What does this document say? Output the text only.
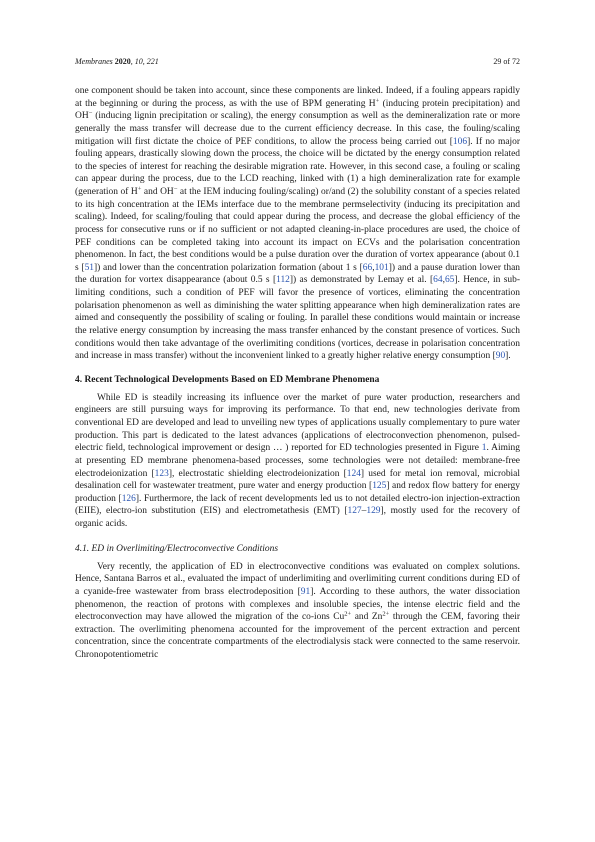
Membranes 2020, 10, 221	29 of 72

one component should be taken into account, since these components are linked. Indeed, if a fouling appears rapidly at the beginning or during the process, as with the use of BPM generating H+ (inducing protein precipitation) and OH− (inducing lignin precipitation or scaling), the energy consumption as well as the demineralization rate or more generally the mass transfer will decrease due to the current efficiency decrease. In this case, the fouling/scaling mitigation will first dictate the choice of PEF conditions, to allow the process being carried out [106]. If no major fouling appears, drastically slowing down the process, the choice will be dictated by the energy consumption related to the species of interest for reaching the desirable migration rate. However, in this second case, a fouling or scaling can appear during the process, due to the LCD reaching, linked with (1) a high demineralization rate for example (generation of H+ and OH− at the IEM inducing fouling/scaling) or/and (2) the solubility constant of a species related to its high concentration at the IEMs interface due to the membrane permselectivity (inducing its precipitation and scaling). Indeed, for scaling/fouling that could appear during the process, and decrease the global efficiency of the process for consecutive runs or if no sufficient or not adapted cleaning-in-place procedures are used, the choice of PEF conditions can be completed taking into account its impact on ECVs and the polarisation concentration phenomenon. In fact, the best conditions would be a pulse duration over the duration of vortex appearance (about 0.1 s [51]) and lower than the concentration polarization formation (about 1 s [66,101]) and a pause duration lower than the duration for vortex disappearance (about 0.5 s [112]) as demonstrated by Lemay et al. [64,65]. Hence, in sub-limiting conditions, such a condition of PEF will favor the presence of vortices, eliminating the concentration polarisation phenomenon as well as diminishing the water splitting appearance when high demineralization rates are aimed and consequently the possibility of scaling or fouling. In parallel these conditions would maintain or increase the relative energy consumption by increasing the mass transfer enhanced by the constant presence of vortices. Such conditions would then take advantage of the overlimiting conditions (vortices, decrease in polarisation concentration and increase in mass transfer) without the inconvenient linked to a greatly higher relative energy consumption [90].

4. Recent Technological Developments Based on ED Membrane Phenomena

While ED is steadily increasing its influence over the market of pure water production, researchers and engineers are still pursuing ways for improving its performance. To that end, new technologies derivate from conventional ED are developed and lead to unveiling new types of applications usually complementary to pure water production. This part is dedicated to the latest advances (applications of electroconvection phenomenon, pulsed-electric field, technological improvement or design … ) reported for ED technologies presented in Figure 1. Aiming at presenting ED membrane phenomena-based processes, some technologies were not detailed: membrane-free electrodeionization [123], electrostatic shielding electrodeionization [124] used for metal ion removal, microbial desalination cell for wastewater treatment, pure water and energy production [125] and redox flow battery for energy production [126]. Furthermore, the lack of recent developments led us to not detailed electro-ion injection-extraction (EIIE), electro-ion substitution (EIS) and electrometathesis (EMT) [127–129], mostly used for the recovery of organic acids.

4.1. ED in Overlimiting/Electroconvective Conditions

Very recently, the application of ED in electroconvective conditions was evaluated on complex solutions. Hence, Santana Barros et al., evaluated the impact of underlimiting and overlimiting current conditions during ED of a cyanide-free wastewater from brass electrodeposition [91]. According to these authors, the water dissociation phenomenon, the reaction of protons with complexes and insoluble species, the intense electric field and the electroconvection may have allowed the migration of the co-ions $Cu^{2+}$ and $Zn^{2+}$ through the CEM, favoring their extraction. The overlimiting phenomena accounted for the improvement of the percent extraction and percent concentration, since the concentrate compartments of the electrodialysis stack were connected to the same reservoir. Chronopotentiometric
